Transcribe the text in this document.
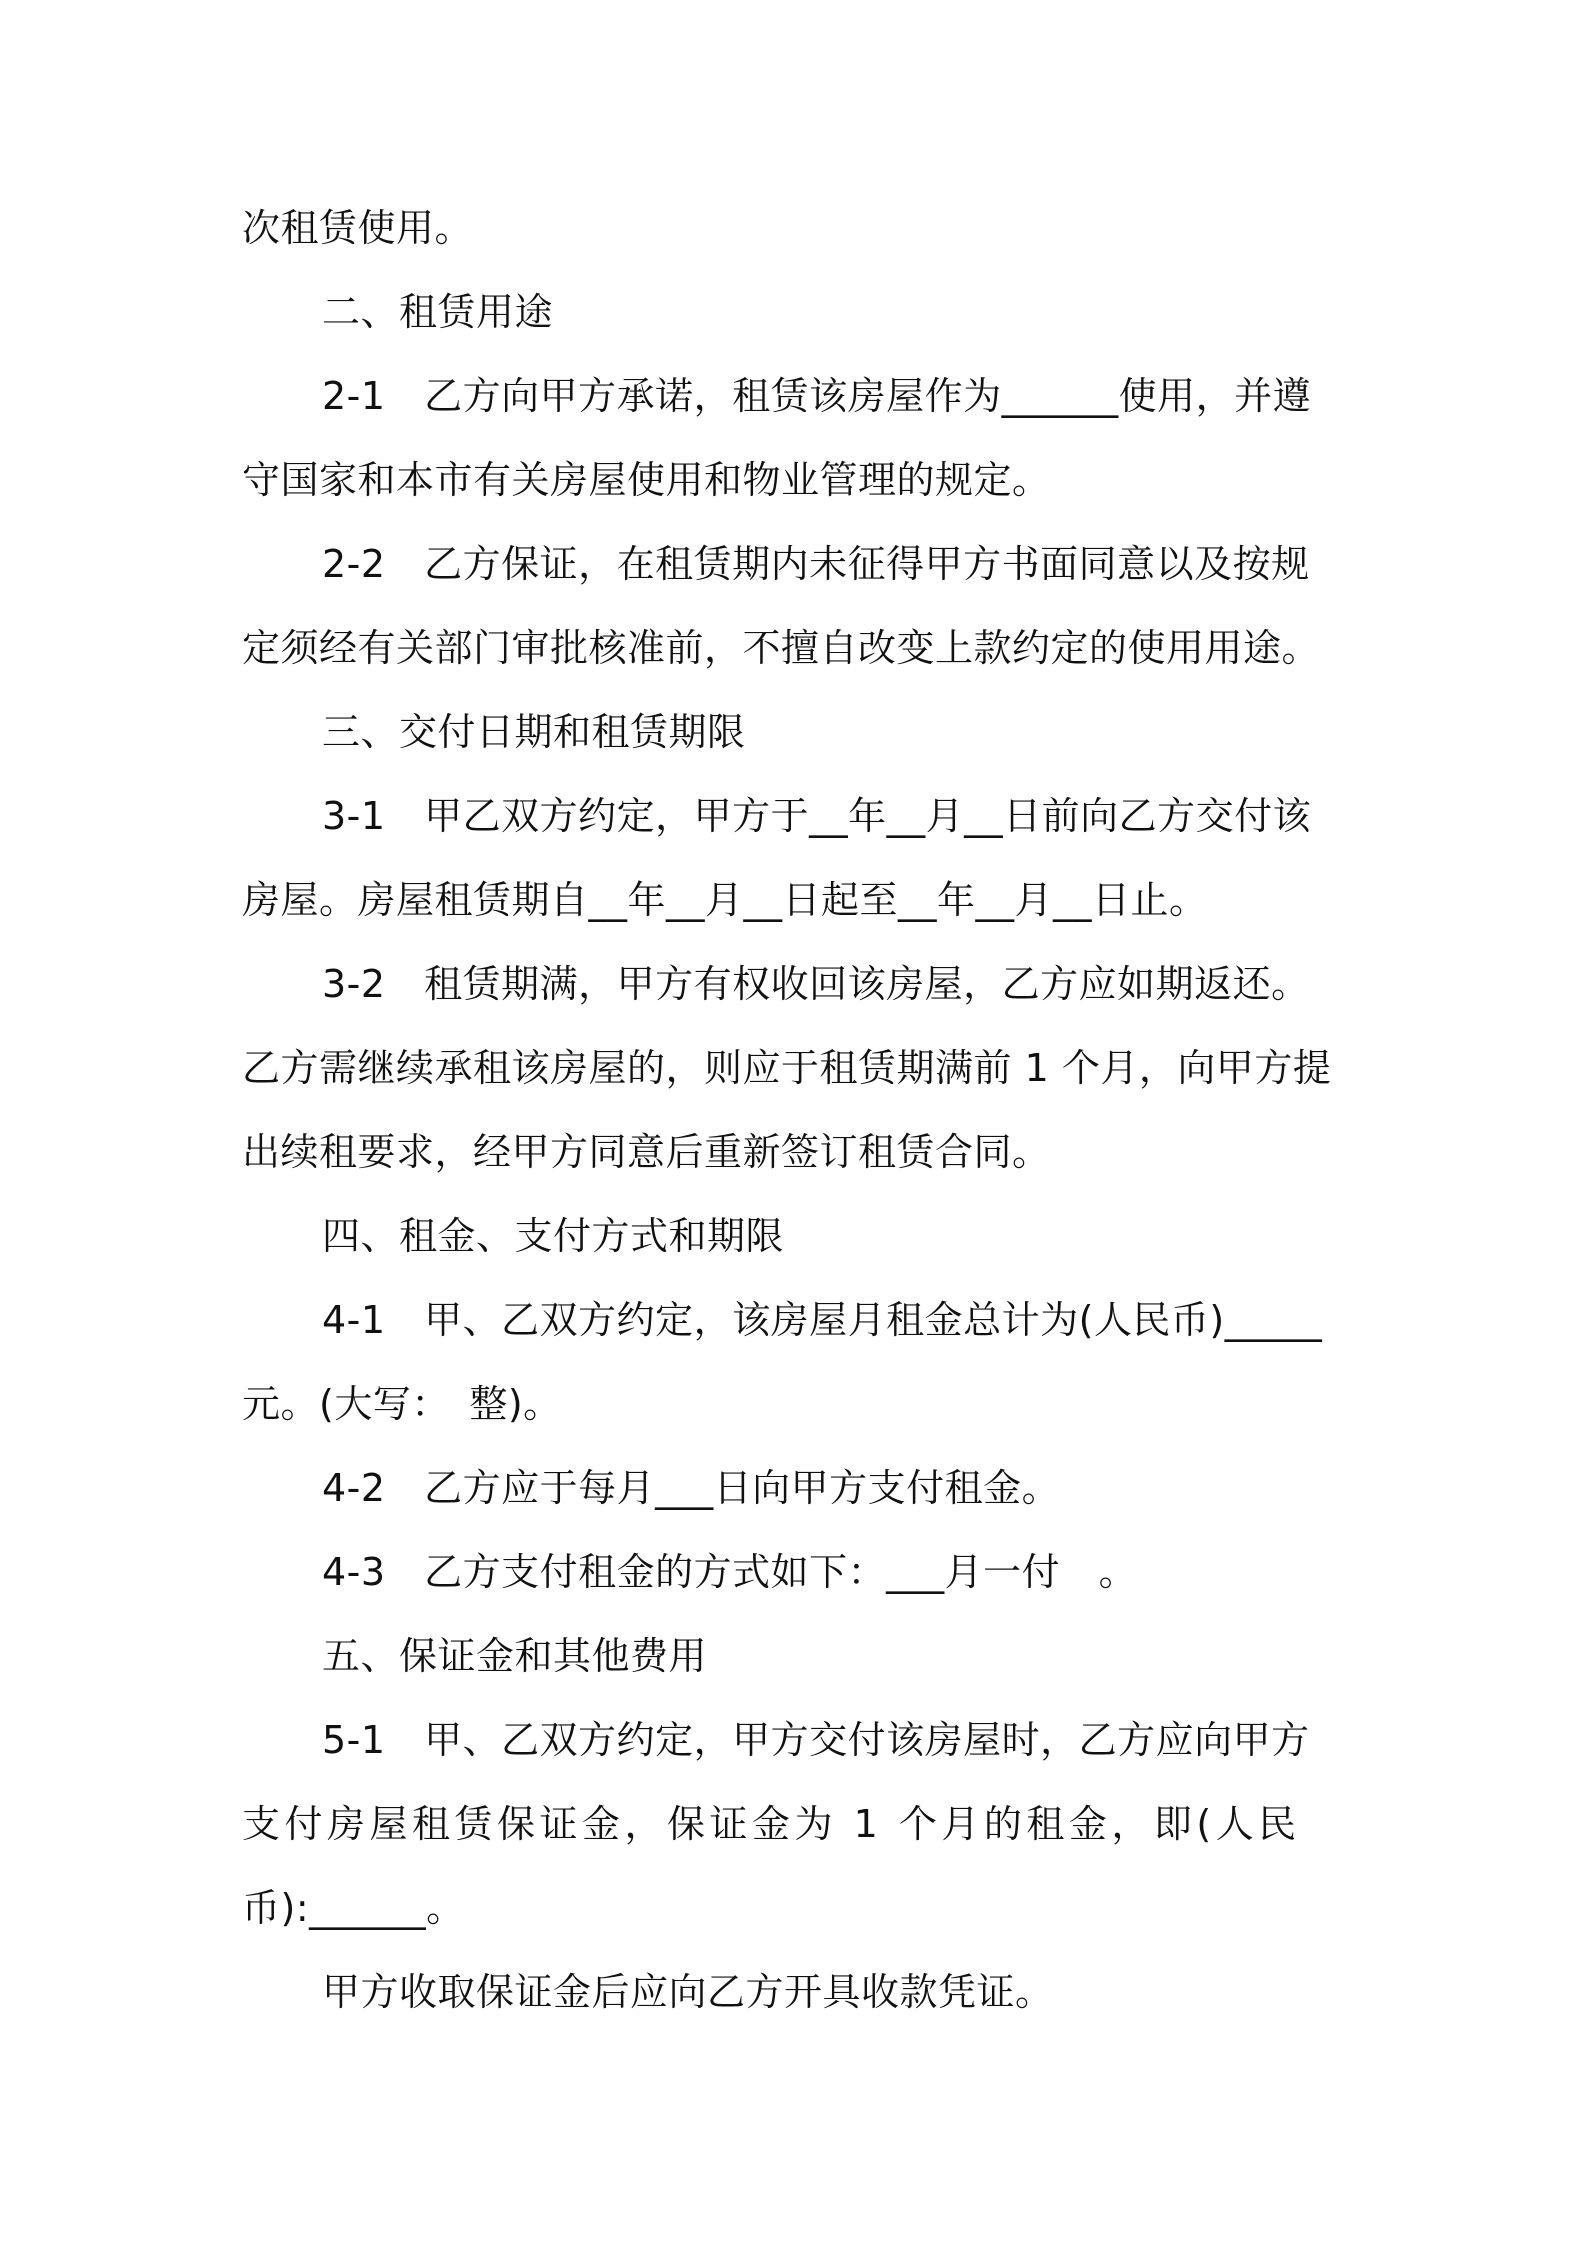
次租赁使用。
二、租赁用途
2-1　乙方向甲方承诺，租赁该房屋作为______使用，并遵
守国家和本市有关房屋使用和物业管理的规定。
2-2　乙方保证，在租赁期内未征得甲方书面同意以及按规
定须经有关部门审批核准前，不擅自改变上款约定的使用用途。
三、交付日期和租赁期限
3-1　甲乙双方约定，甲方于__年__月__日前向乙方交付该
房屋。房屋租赁期自__年__月__日起至__年__月__日止。
3-2　租赁期满，甲方有权收回该房屋，乙方应如期返还。
乙方需继续承租该房屋的，则应于租赁期满前 1 个月，向甲方提
出续租要求，经甲方同意后重新签订租赁合同。
四、租金、支付方式和期限
4-1　甲、乙双方约定，该房屋月租金总计为(人民币)_____
元。(大写：　整)。
4-2　乙方应于每月___日向甲方支付租金。
4-3　乙方支付租金的方式如下：___月一付　。
五、保证金和其他费用
5-1　甲、乙双方约定，甲方交付该房屋时，乙方应向甲方
支付房屋租赁保证金，保证金为 1 个月的租金，即(人民
币):______。
甲方收取保证金后应向乙方开具收款凭证。
